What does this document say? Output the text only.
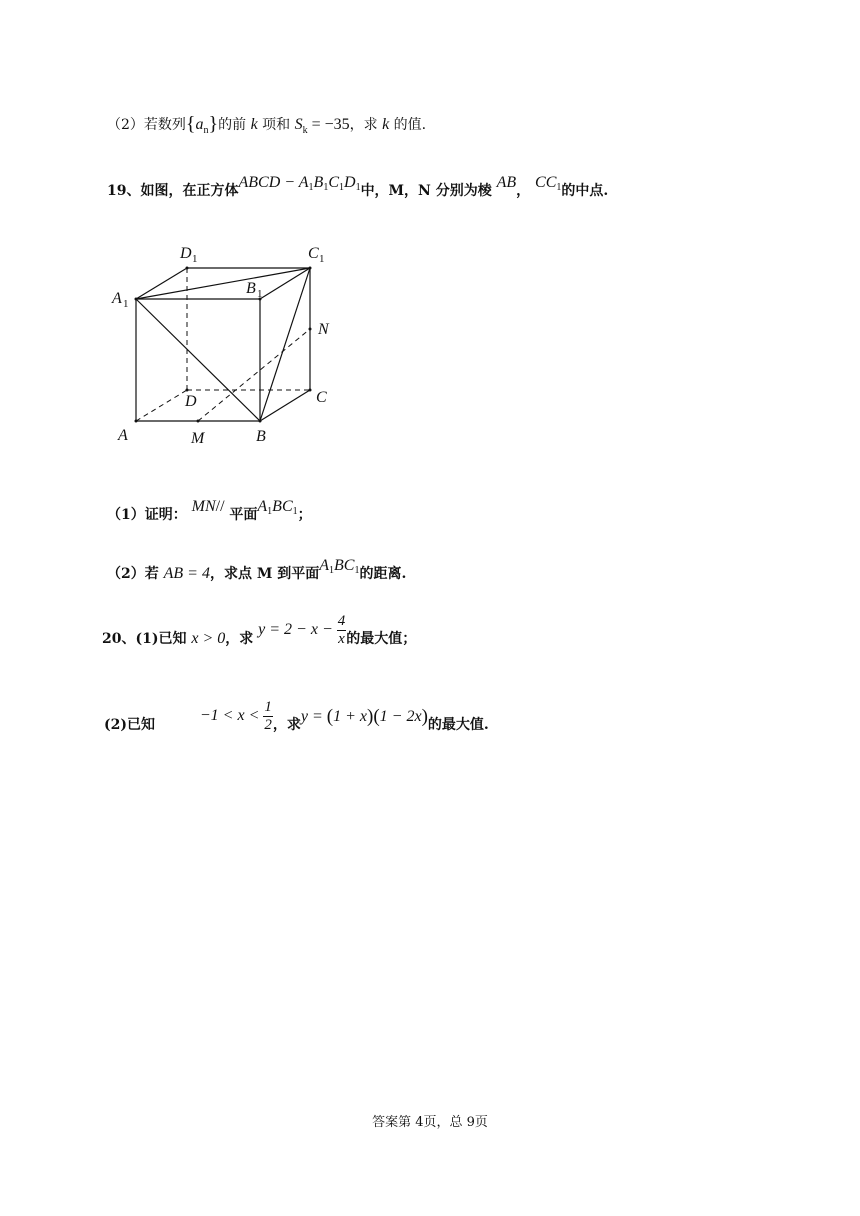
（2）若数列$\{a_n\}$的前 k 项和 $S_k = -35$，求 k 的值.
19、如图，在正方体ABCD − A1B1C1D1中，M，N 分别为棱 AB， CC1的中点.
A	M	B
C
D
N
A 1
B 1
D 1	C 1
（1）证明： MN// 平面A1BC1；
（2）若 AB = 4，求点 M 到平面A1BC1的距离.
20、(1)已知 x > 0，求 $y = 2 - x - \frac{4}{x}$ 的最大值；
(2)已知 $-1 < x < \frac{1}{2}$ ，求y = (1 + x)(1 − 2x)的最大值.
答案第 4页，总 9页
